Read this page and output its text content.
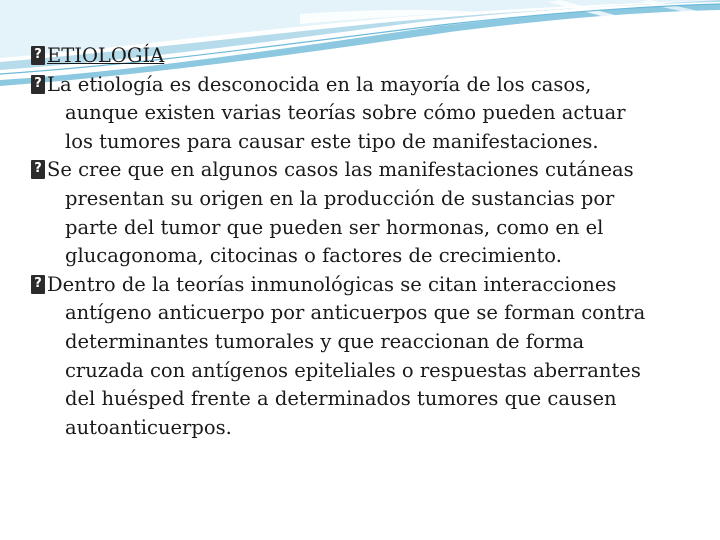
?ETIOLOGÍA
?La etiología es desconocida en la mayoría de los casos,
aunque existen varias teorías sobre cómo pueden actuar
los tumores para causar este tipo de manifestaciones.
?Se cree que en algunos casos las manifestaciones cutáneas
presentan su origen en la producción de sustancias por
parte del tumor que pueden ser hormonas, como en el
glucagonoma, citocinas o factores de crecimiento.
?Dentro de la teorías inmunológicas se citan interacciones
antígeno anticuerpo por anticuerpos que se forman contra
determinantes tumorales y que reaccionan de forma
cruzada con antígenos epiteliales o respuestas aberrantes
del huésped frente a determinados tumores que causen
autoanticuerpos.
